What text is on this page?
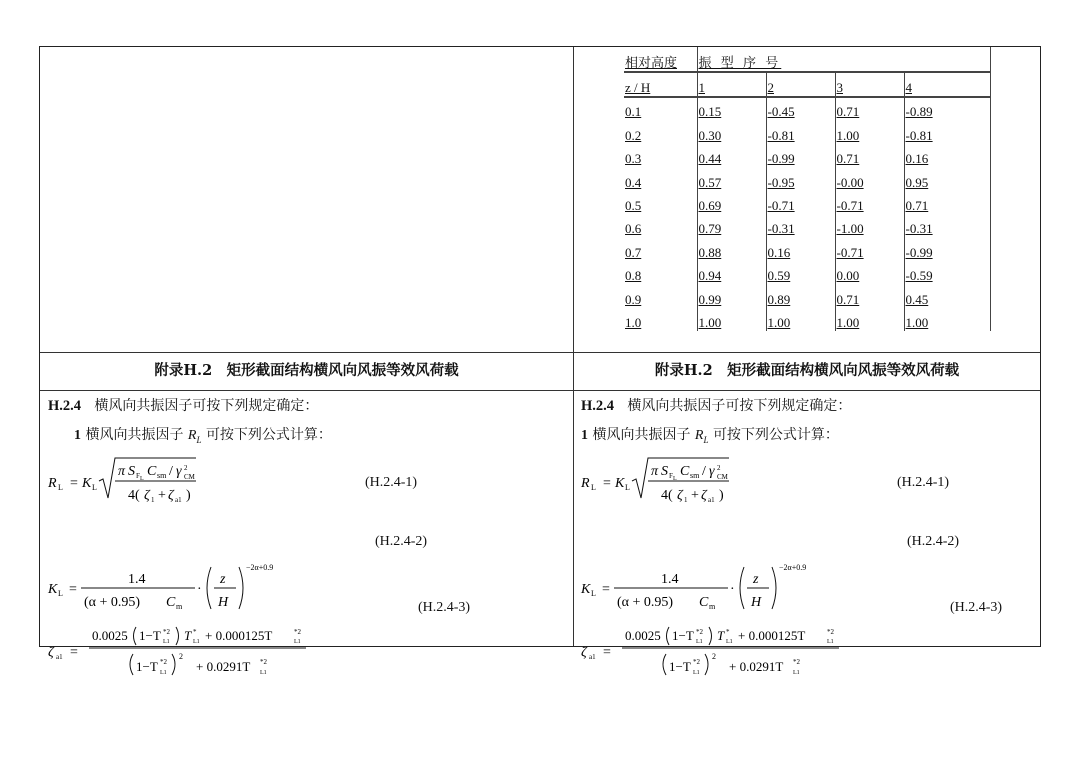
相对高度	振 型 序 号			
z / H	1	2	3	4
0.1	0.15	-0.45	0.71	-0.89
0.2	0.30	-0.81	1.00	-0.81
0.3	0.44	-0.99	0.71	0.16
0.4	0.57	-0.95	-0.00	0.95
0.5	0.69	-0.71	-0.71	0.71
0.6	0.79	-0.31	-1.00	-0.31
0.7	0.88	0.16	-0.71	-0.99
0.8	0.94	0.59	0.00	-0.59
0.9	0.99	0.89	0.71	0.45
1.0	1.00	1.00	1.00	1.00
附录H.2　矩形截面结构横风向风振等效风荷载	附录H.2　矩形截面结构横风向风振等效风荷载
H.2.4 横风向共振因子可按下列规定确定：
1 横风向共振因子 $R_L$ 可按下列公式计算：
(H.2.4-1)
(H.2.4-2)
(H.2.4-3)
H.2.4 横风向共振因子可按下列规定确定：
1 横风向共振因子 $R_L$ 可按下列公式计算：
(H.2.4-1)
(H.2.4-2)
(H.2.4-3)
R L = K L
π S F L C sm / γ 2
CM
4( ζ 1 + ζ a1 )
K L =
1.4
(α + 0.95) C m
·
z
H
−2α+0.9
ζ a1 =
0.0025 1−T *2
L1 T *
L1 + 0.000125T	*2
L1
1−T *2
L1
2
+ 0.0291T *2
L1
R L = K L
π S F L C sm / γ 2
CM
4( ζ 1 + ζ a1 )
K L =
1.4
(α + 0.95) C m
·
z
H
−2α+0.9
ζ a1 =
0.0025 1−T *2
L1 T *
L1 + 0.000125T	*2
L1
1−T *2
L1
2
+ 0.0291T *2
L1
